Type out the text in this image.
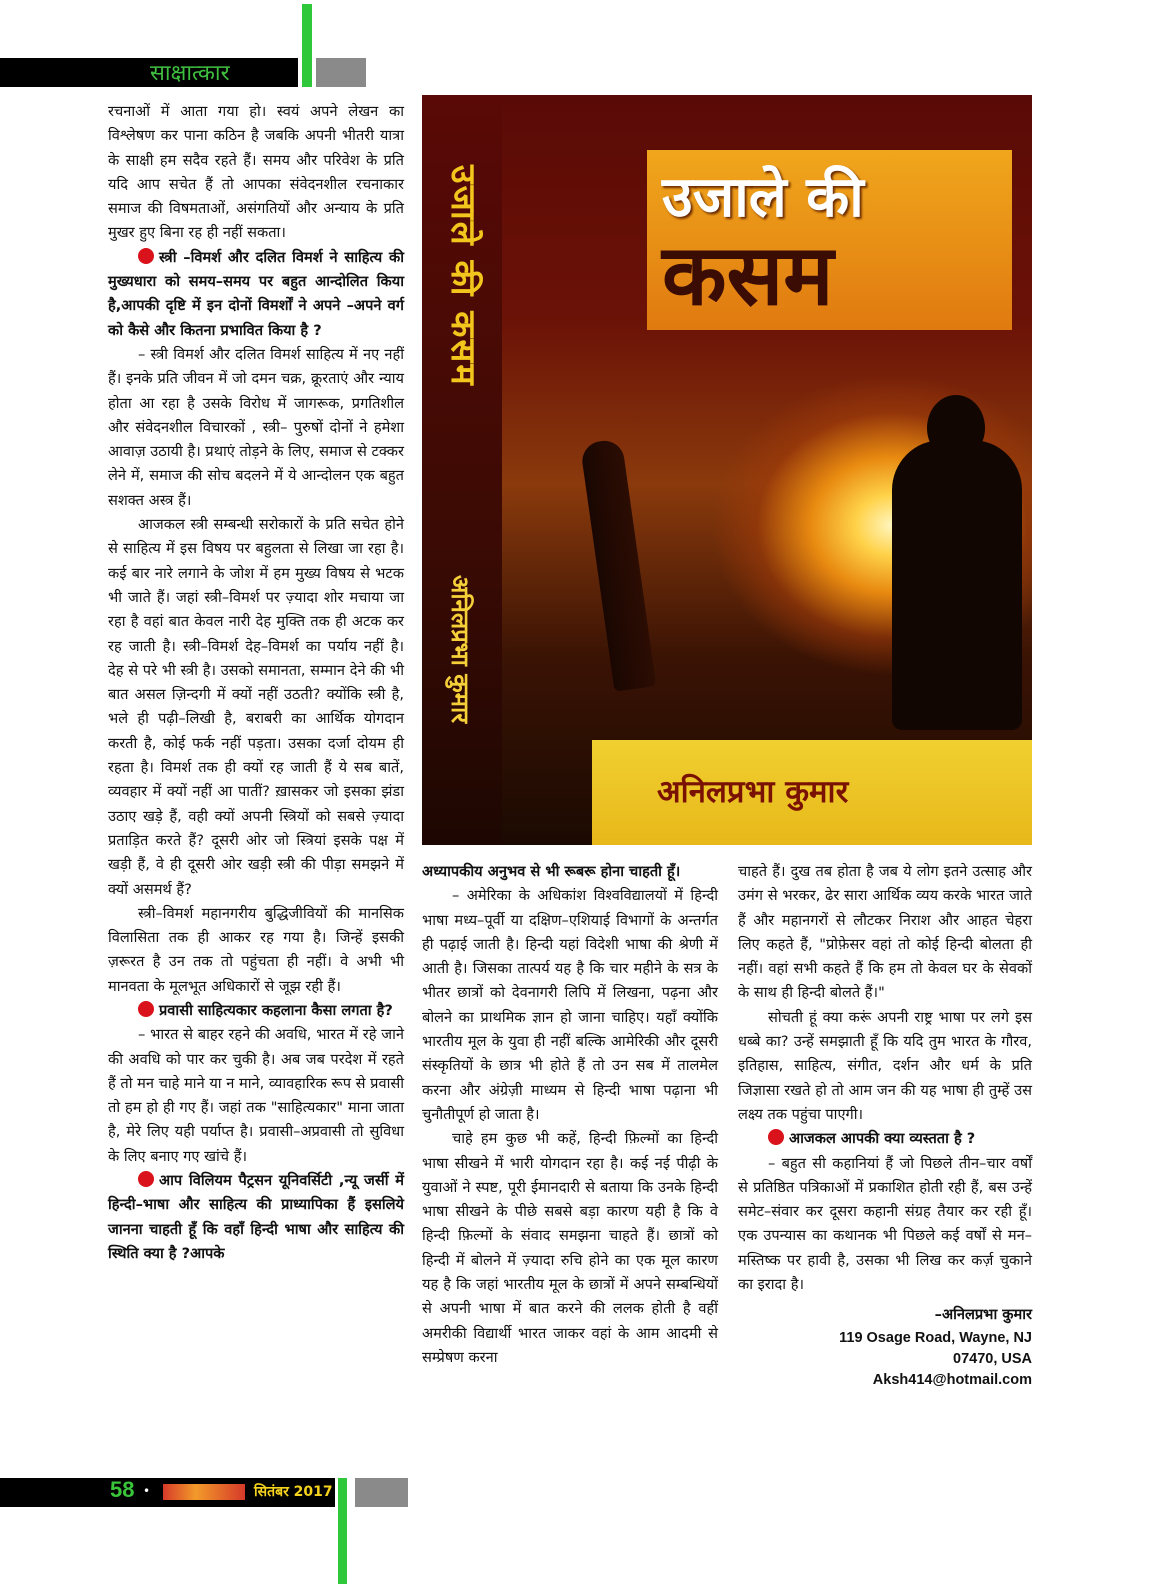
साक्षात्कार

रचनाओं में आता गया हो। स्वयं अपने लेखन का विश्लेषण कर पाना कठिन है जबकि अपनी भीतरी यात्रा के साक्षी हम सदैव रहते हैं। समय और परिवेश के प्रति यदि आप सचेत हैं तो आपका संवेदनशील रचनाकार समाज की विषमताओं, असंगतियों और अन्याय के प्रति मुखर हुए बिना रह ही नहीं सकता।

स्त्री –विमर्श और दलित विमर्श ने साहित्य की मुख्यधारा को समय–समय पर बहुत आन्दोलित किया है,आपकी दृष्टि में इन दोनों विमर्शों ने अपने –अपने वर्ग को कैसे और कितना प्रभावित किया है ?

– स्त्री विमर्श और दलित विमर्श साहित्य में नए नहीं हैं। इनके प्रति जीवन में जो दमन चक्र, क्रूरताएं और न्याय होता आ रहा है उसके विरोध में जागरूक, प्रगतिशील और संवेदनशील विचारकों , स्त्री– पुरुषों दोनों ने हमेशा आवाज़ उठायी है। प्रथाएं तोड़ने के लिए, समाज से टक्कर लेने में, समाज की सोच बदलने में ये आन्दोलन एक बहुत सशक्त अस्त्र हैं।

आजकल स्त्री सम्बन्धी सरोकारों के प्रति सचेत होने से साहित्य में इस विषय पर बहुलता से लिखा जा रहा है। कई बार नारे लगाने के जोश में हम मुख्य विषय से भटक भी जाते हैं। जहां स्त्री–विमर्श पर ज़्यादा शोर मचाया जा रहा है वहां बात केवल नारी देह मुक्ति तक ही अटक कर रह जाती है। स्त्री–विमर्श देह–विमर्श का पर्याय नहीं है। देह से परे भी स्त्री है। उसको समानता, सम्मान देने की भी बात असल ज़िन्दगी में क्यों नहीं उठती? क्योंकि स्त्री है, भले ही पढ़ी–लिखी है, बराबरी का आर्थिक योगदान करती है, कोई फर्क नहीं पड़ता। उसका दर्जा दोयम ही रहता है। विमर्श तक ही क्यों रह जाती हैं ये सब बातें, व्यवहार में क्यों नहीं आ पातीं? ख़ासकर जो इसका झंडा उठाए खड़े हैं, वही क्यों अपनी स्त्रियों को सबसे ज़्यादा प्रताड़ित करते हैं? दूसरी ओर जो स्त्रियां इसके पक्ष में खड़ी हैं, वे ही दूसरी ओर खड़ी स्त्री की पीड़ा समझने में क्यों असमर्थ हैं?

स्त्री–विमर्श महानगरीय बुद्धिजीवियों की मानसिक विलासिता तक ही आकर रह गया है। जिन्हें इसकी ज़रूरत है उन तक तो पहुंचता ही नहीं। वे अभी भी मानवता के मूलभूत अधिकारों से जूझ रही हैं।

प्रवासी साहित्यकार कहलाना कैसा लगता है?

– भारत से बाहर रहने की अवधि, भारत में रहे जाने की अवधि को पार कर चुकी है। अब जब परदेश में रहते हैं तो मन चाहे माने या न माने, व्यावहारिक रूप से प्रवासी तो हम हो ही गए हैं। जहां तक "साहित्यकार" माना जाता है, मेरे लिए यही पर्याप्त है। प्रवासी–अप्रवासी तो सुविधा के लिए बनाए गए खांचे हैं।

आप विलियम पैट्रसन यूनिवर्सिटी ,न्यू जर्सी में हिन्दी–भाषा और साहित्य की प्राध्यापिका हैं इसलिये जानना चाहती हूँ कि वहाँ हिन्दी भाषा और साहित्य की स्थिति क्या है ?आपके

उजाले की कसम
अनिलप्रभा कुमार
उजाले की
कसम
अनिलप्रभा कुमार

अध्यापकीय अनुभव से भी रूबरू होना चाहती हूँ।

– अमेरिका के अधिकांश विश्वविद्यालयों में हिन्दी भाषा मध्य–पूर्वी या दक्षिण–एशियाई विभागों के अन्तर्गत ही पढ़ाई जाती है। हिन्दी यहां विदेशी भाषा की श्रेणी में आती है। जिसका तात्पर्य यह है कि चार महीने के सत्र के भीतर छात्रों को देवनागरी लिपि में लिखना, पढ़ना और बोलने का प्राथमिक ज्ञान हो जाना चाहिए। यहाँ क्योंकि भारतीय मूल के युवा ही नहीं बल्कि आमेरिकी और दूसरी संस्कृतियों के छात्र भी होते हैं तो उन सब में तालमेल करना और अंग्रेज़ी माध्यम से हिन्दी भाषा पढ़ाना भी चुनौतीपूर्ण हो जाता है।

चाहे हम कुछ भी कहें, हिन्दी फ़िल्मों का हिन्दी भाषा सीखने में भारी योगदान रहा है। कई नई पीढ़ी के युवाओं ने स्पष्ट, पूरी ईमानदारी से बताया कि उनके हिन्दी भाषा सीखने के पीछे सबसे बड़ा कारण यही है कि वे हिन्दी फ़िल्मों के संवाद समझना चाहते हैं। छात्रों को हिन्दी में बोलने में ज़्यादा रुचि होने का एक मूल कारण यह है कि जहां भारतीय मूल के छात्रों में अपने सम्बन्धियों से अपनी भाषा में बात करने की ललक होती है वहीं अमरीकी विद्यार्थी भारत जाकर वहां के आम आदमी से सम्प्रेषण करना

चाहते हैं। दुख तब होता है जब ये लोग इतने उत्साह और उमंग से भरकर, ढेर सारा आर्थिक व्यय करके भारत जाते हैं और महानगरों से लौटकर निराश और आहत चेहरा लिए कहते हैं, "प्रोफ़ेसर वहां तो कोई हिन्दी बोलता ही नहीं। वहां सभी कहते हैं कि हम तो केवल घर के सेवकों के साथ ही हिन्दी बोलते हैं।"

सोचती हूं क्या करूं अपनी राष्ट्र भाषा पर लगे इस धब्बे का? उन्हें समझाती हूँ कि यदि तुम भारत के गौरव, इतिहास, साहित्य, संगीत, दर्शन और धर्म के प्रति जिज्ञासा रखते हो तो आम जन की यह भाषा ही तुम्हें उस लक्ष्य तक पहुंचा पाएगी।

आजकल आपकी क्या व्यस्तता है ?

– बहुत सी कहानियां हैं जो पिछले तीन–चार वर्षों से प्रतिष्ठित पत्रिकाओं में प्रकाशित होती रही हैं, बस उन्हें समेट–संवार कर दूसरा कहानी संग्रह तैयार कर रही हूँ। एक उपन्यास का कथानक भी पिछले कई वर्षों से मन–मस्तिष्क पर हावी है, उसका भी लिख कर कर्ज़ चुकाने का इरादा है।

–अनिलप्रभा कुमार
119 Osage Road, Wayne, NJ
07470, USA
Aksh414@hotmail.com
58 •	सितंबर 2017
